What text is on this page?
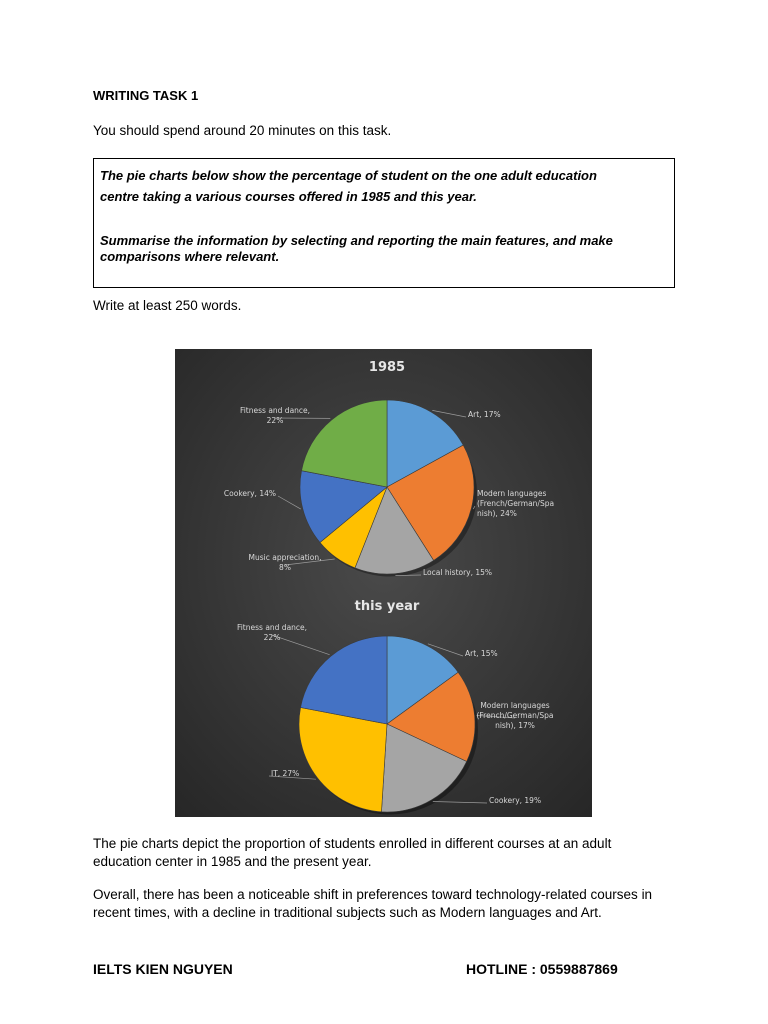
WRITING TASK 1

You should spend around 20 minutes on this task.

The pie charts below show the percentage of student on the one adult education

centre taking a various courses offered in 1985 and this year.

Summarise the information by selecting and reporting the main features, and make comparisons where relevant.

Write at least 250 words.

1985
Art, 17%
Modern languages (French/German/Spa nish), 24%
Local history, 15%
Music appreciation, 8%
Cookery, 14%
Fitness and dance, 22%
this year
Art, 15%
Modern languages (French/German/Spa nish), 17%
Cookery, 19%
IT, 27%
Fitness and dance, 22%

The pie charts depict the proportion of students enrolled in different courses at an adult education center in 1985 and the present year.

Overall, there has been a noticeable shift in preferences toward technology-related courses in recent times, with a decline in traditional subjects such as Modern languages and Art.

IELTS KIEN NGUYEN	HOTLINE : 0559887869
